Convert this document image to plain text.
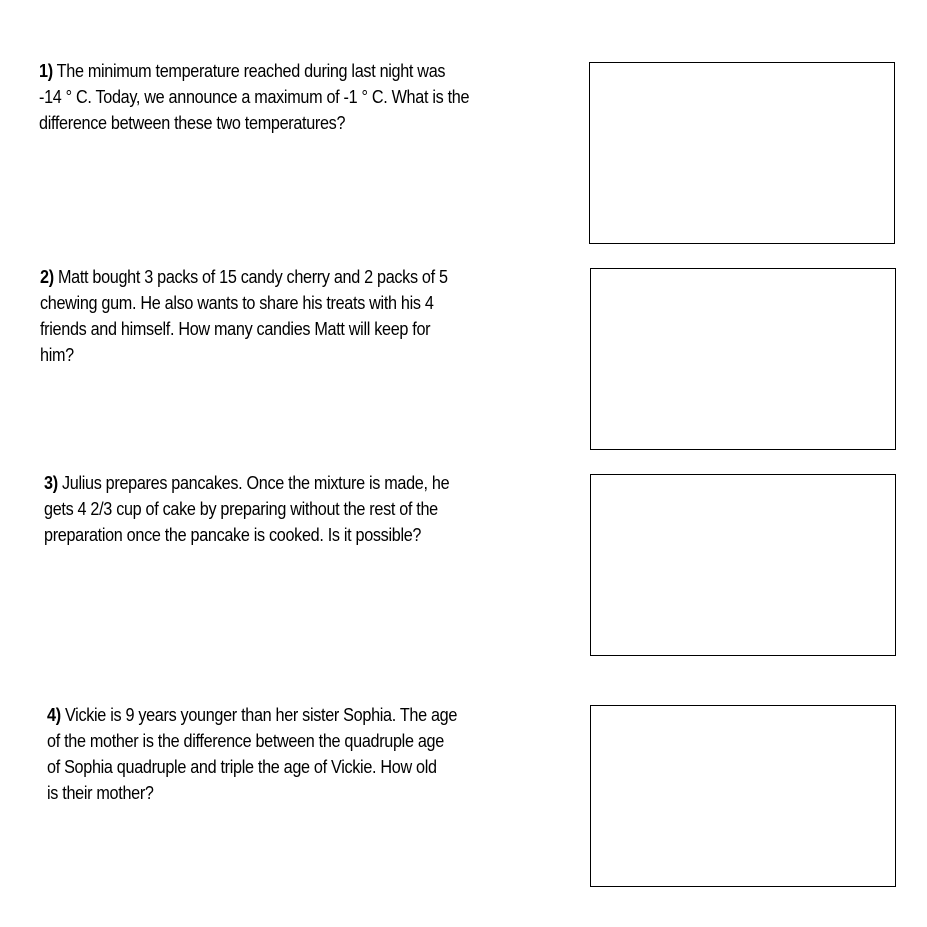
1) The minimum temperature reached during last night was
-14 ° C. Today, we announce a maximum of -1 ° C. What is the
difference between these two temperatures?
2) Matt bought 3 packs of 15 candy cherry and 2 packs of 5
chewing gum. He also wants to share his treats with his 4
friends and himself. How many candies Matt will keep for
him?
3) Julius prepares pancakes. Once the mixture is made, he
gets 4 2/3 cup of cake by preparing without the rest of the
preparation once the pancake is cooked. Is it possible?
4) Vickie is 9 years younger than her sister Sophia. The age
of the mother is the difference between the quadruple age
of Sophia quadruple and triple the age of Vickie. How old
is their mother?
